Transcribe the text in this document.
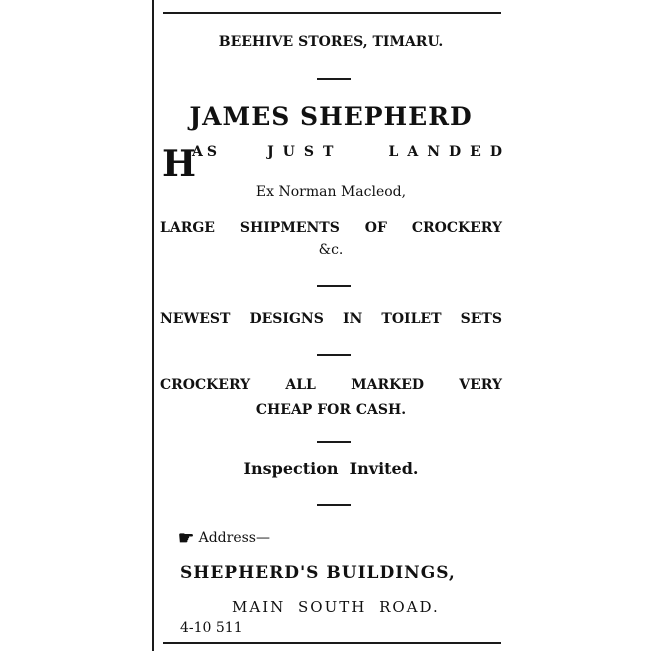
BEEHIVE STORES, TIMARU.
JAMES SHEPHERD
H
AS	JUST	LANDED
Ex Norman Macleod,
LARGE SHIPMENTS OF CROCKERY
&c.
NEWEST DESIGNS IN TOILET SETS
CROCKERY	ALL	MARKED	VERY
CHEAP FOR CASH.
Inspection  Invited.
☛ Address—
SHEPHERD'S BUILDINGS,
MAIN SOUTH ROAD.
4-10 511
